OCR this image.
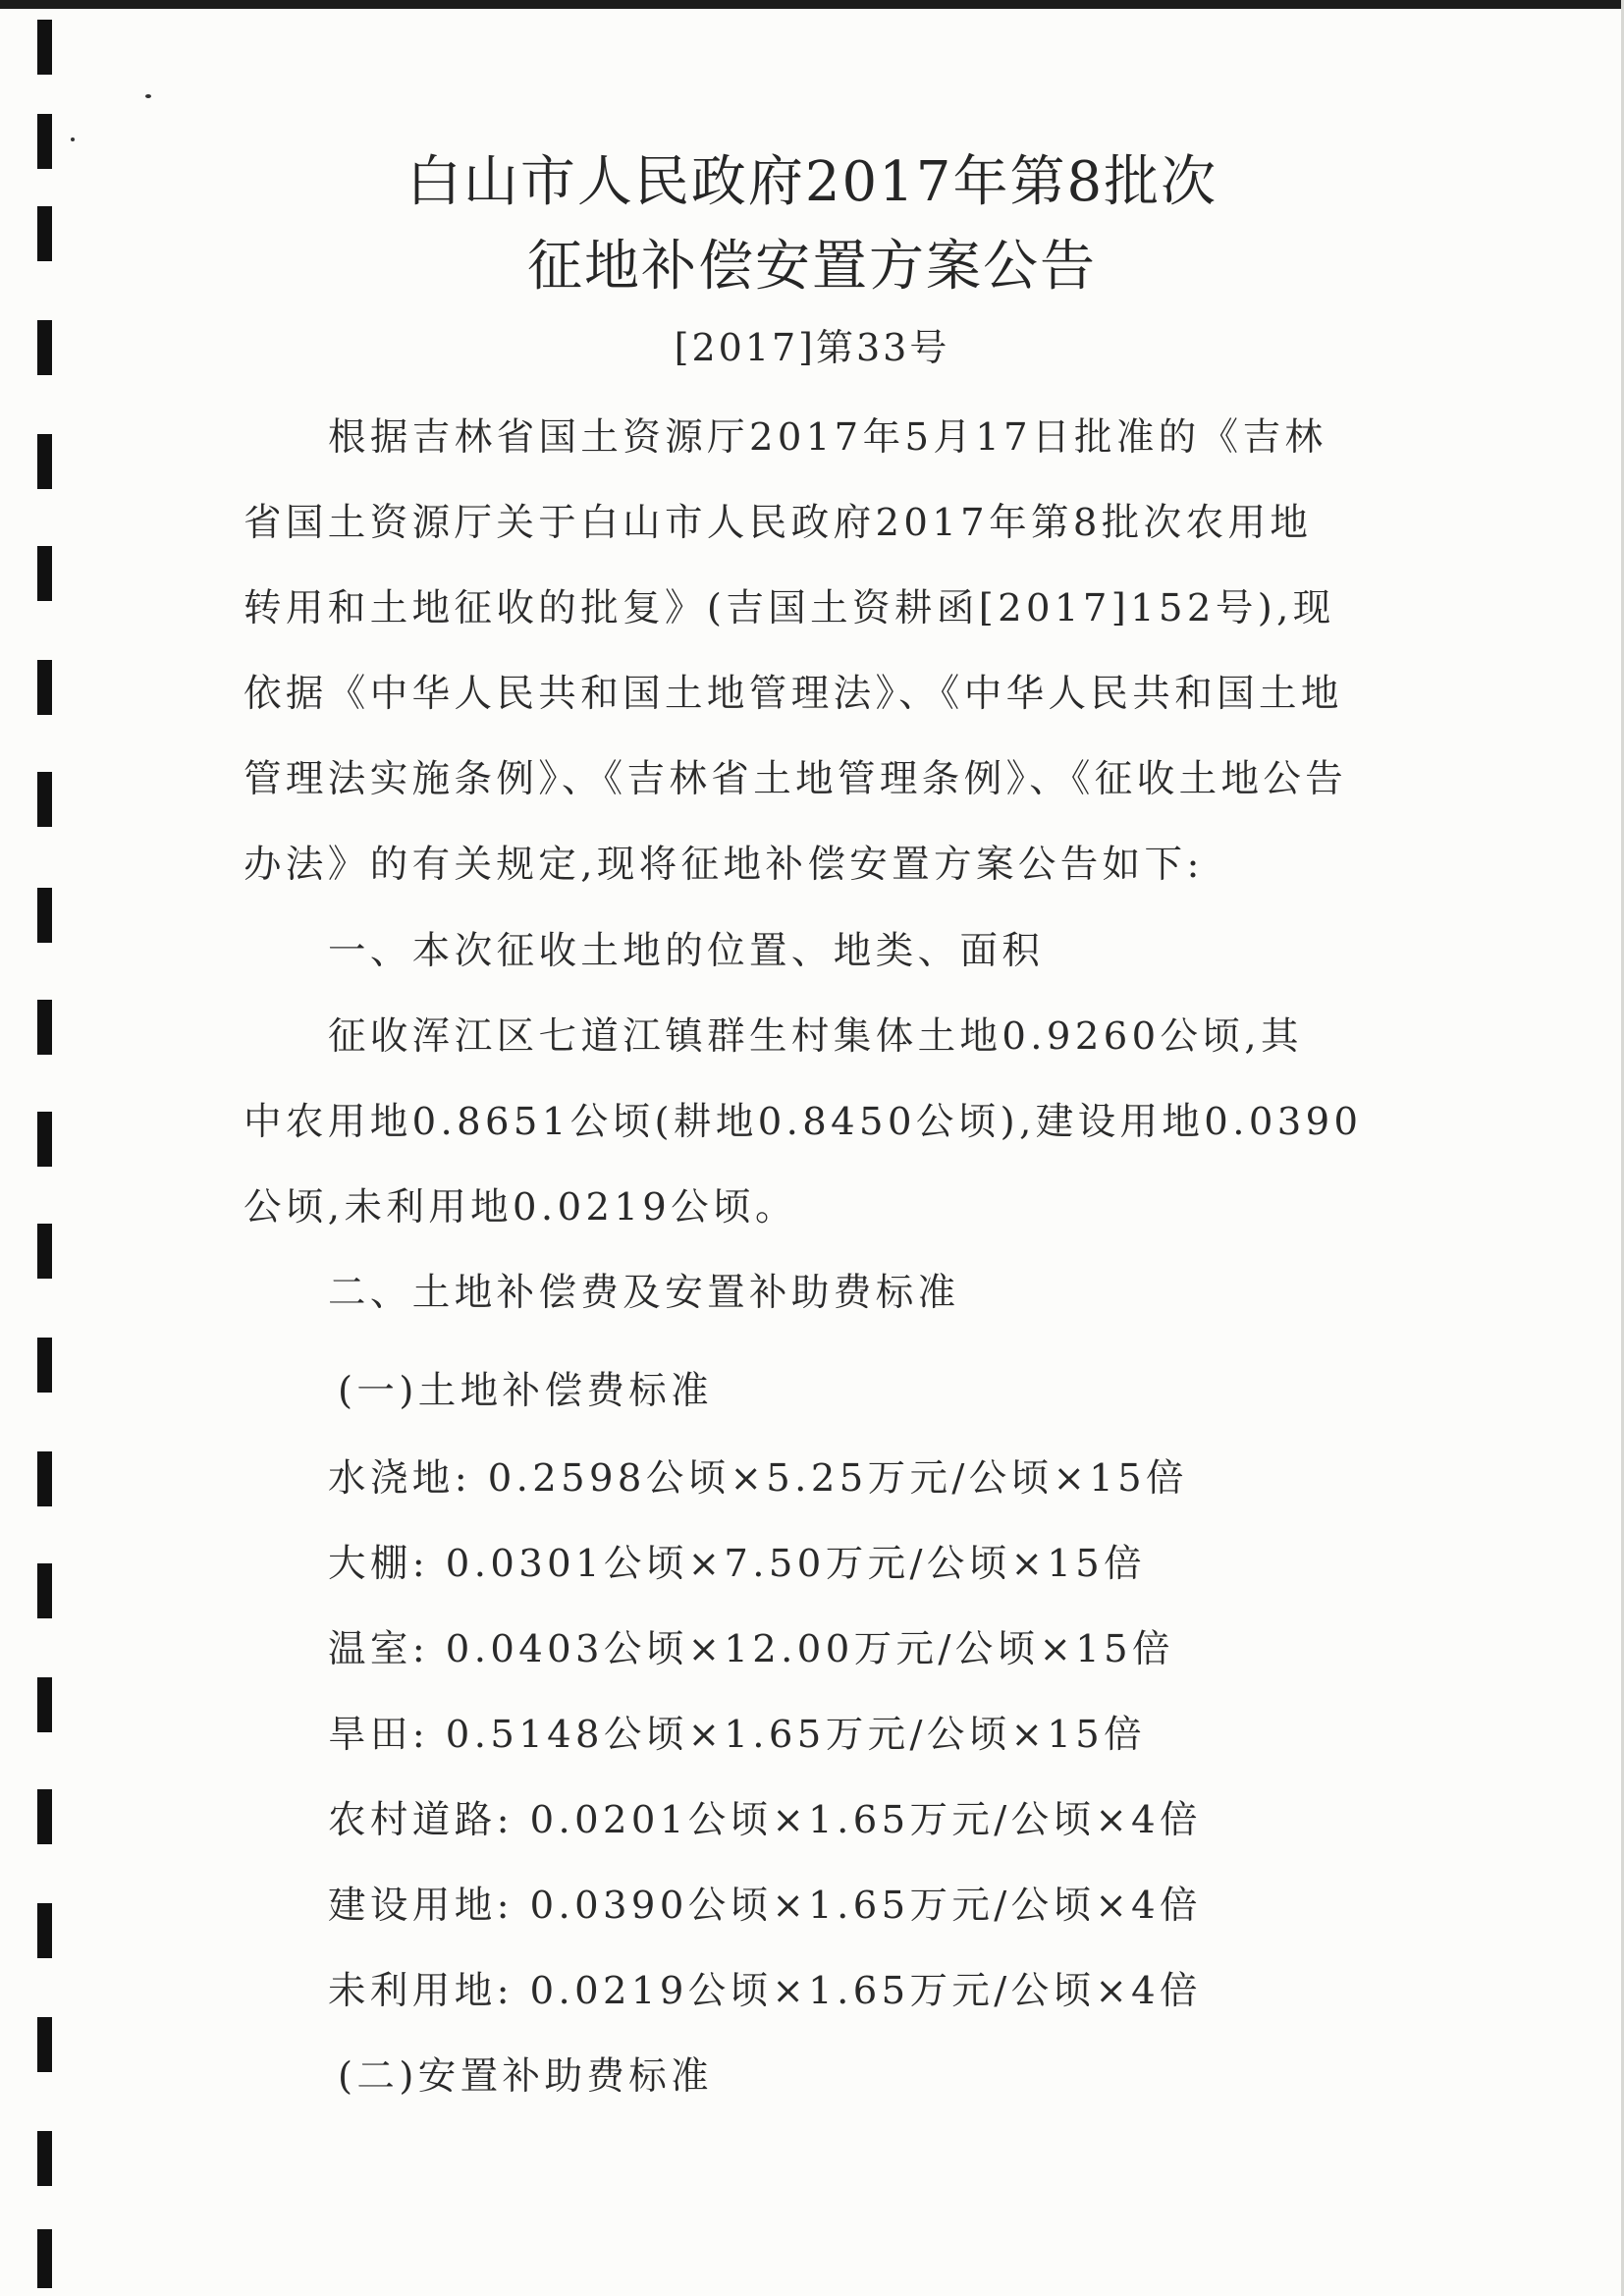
白山市人民政府2017年第8批次
征地补偿安置方案公告
[2017]第33号
根据吉林省国土资源厅2017年5月17日批准的《吉林
省国土资源厅关于白山市人民政府2017年第8批次农用地
转用和土地征收的批复》(吉国土资耕函[2017]152号),现
依据《中华人民共和国土地管理法》、《中华人民共和国土地
管理法实施条例》、《吉林省土地管理条例》、《征收土地公告
办法》的有关规定,现将征地补偿安置方案公告如下:
一、本次征收土地的位置、地类、面积
征收浑江区七道江镇群生村集体土地0.9260公顷,其
中农用地0.8651公顷(耕地0.8450公顷),建设用地0.0390
公顷,未利用地0.0219公顷。
二、土地补偿费及安置补助费标准
(一)土地补偿费标准
水浇地: 0.2598公顷×5.25万元/公顷×15倍
大棚: 0.0301公顷×7.50万元/公顷×15倍
温室: 0.0403公顷×12.00万元/公顷×15倍
旱田: 0.5148公顷×1.65万元/公顷×15倍
农村道路: 0.0201公顷×1.65万元/公顷×4倍
建设用地: 0.0390公顷×1.65万元/公顷×4倍
未利用地: 0.0219公顷×1.65万元/公顷×4倍
(二)安置补助费标准
